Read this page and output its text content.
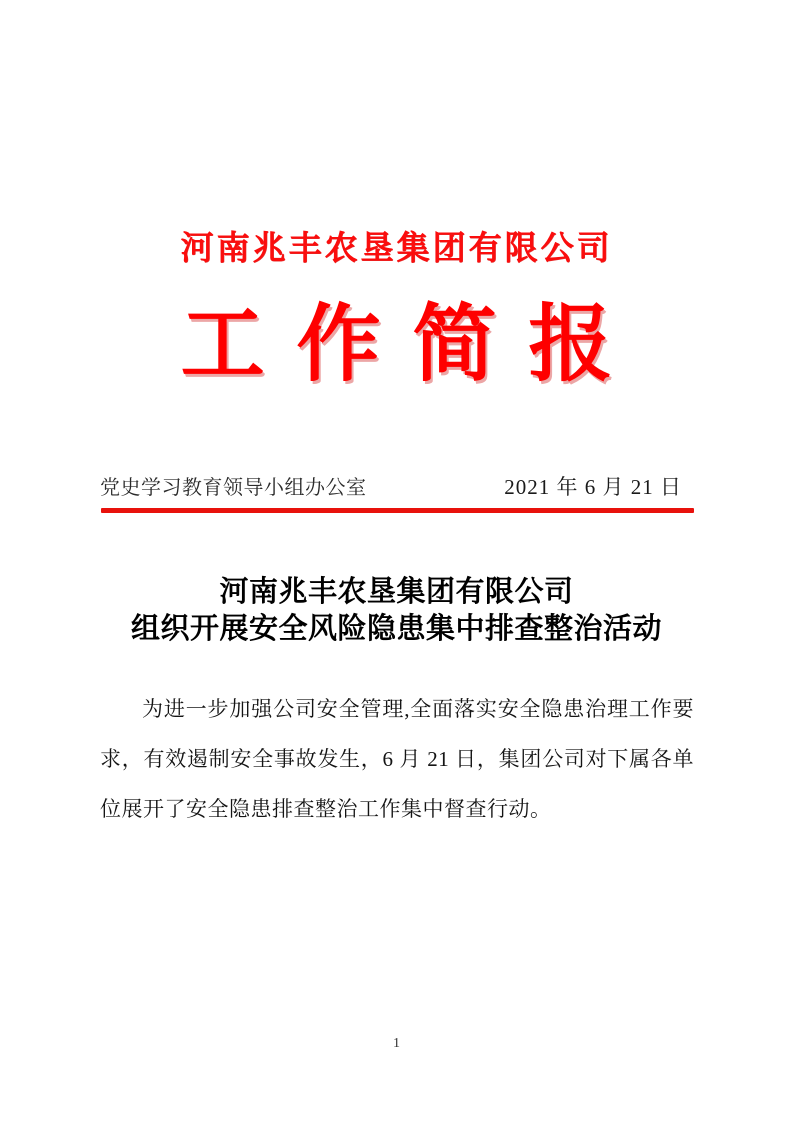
河南兆丰农垦集团有限公司
工作简报
党史学习教育领导小组办公室	2021 年 6 月 21 日
河南兆丰农垦集团有限公司
组织开展安全风险隐患集中排查整治活动

为进一步加强公司安全管理,全面落实安全隐患治理工作要求，有效遏制安全事故发生，6 月 21 日，集团公司对下属各单位展开了安全隐患排查整治工作集中督查行动。

1
